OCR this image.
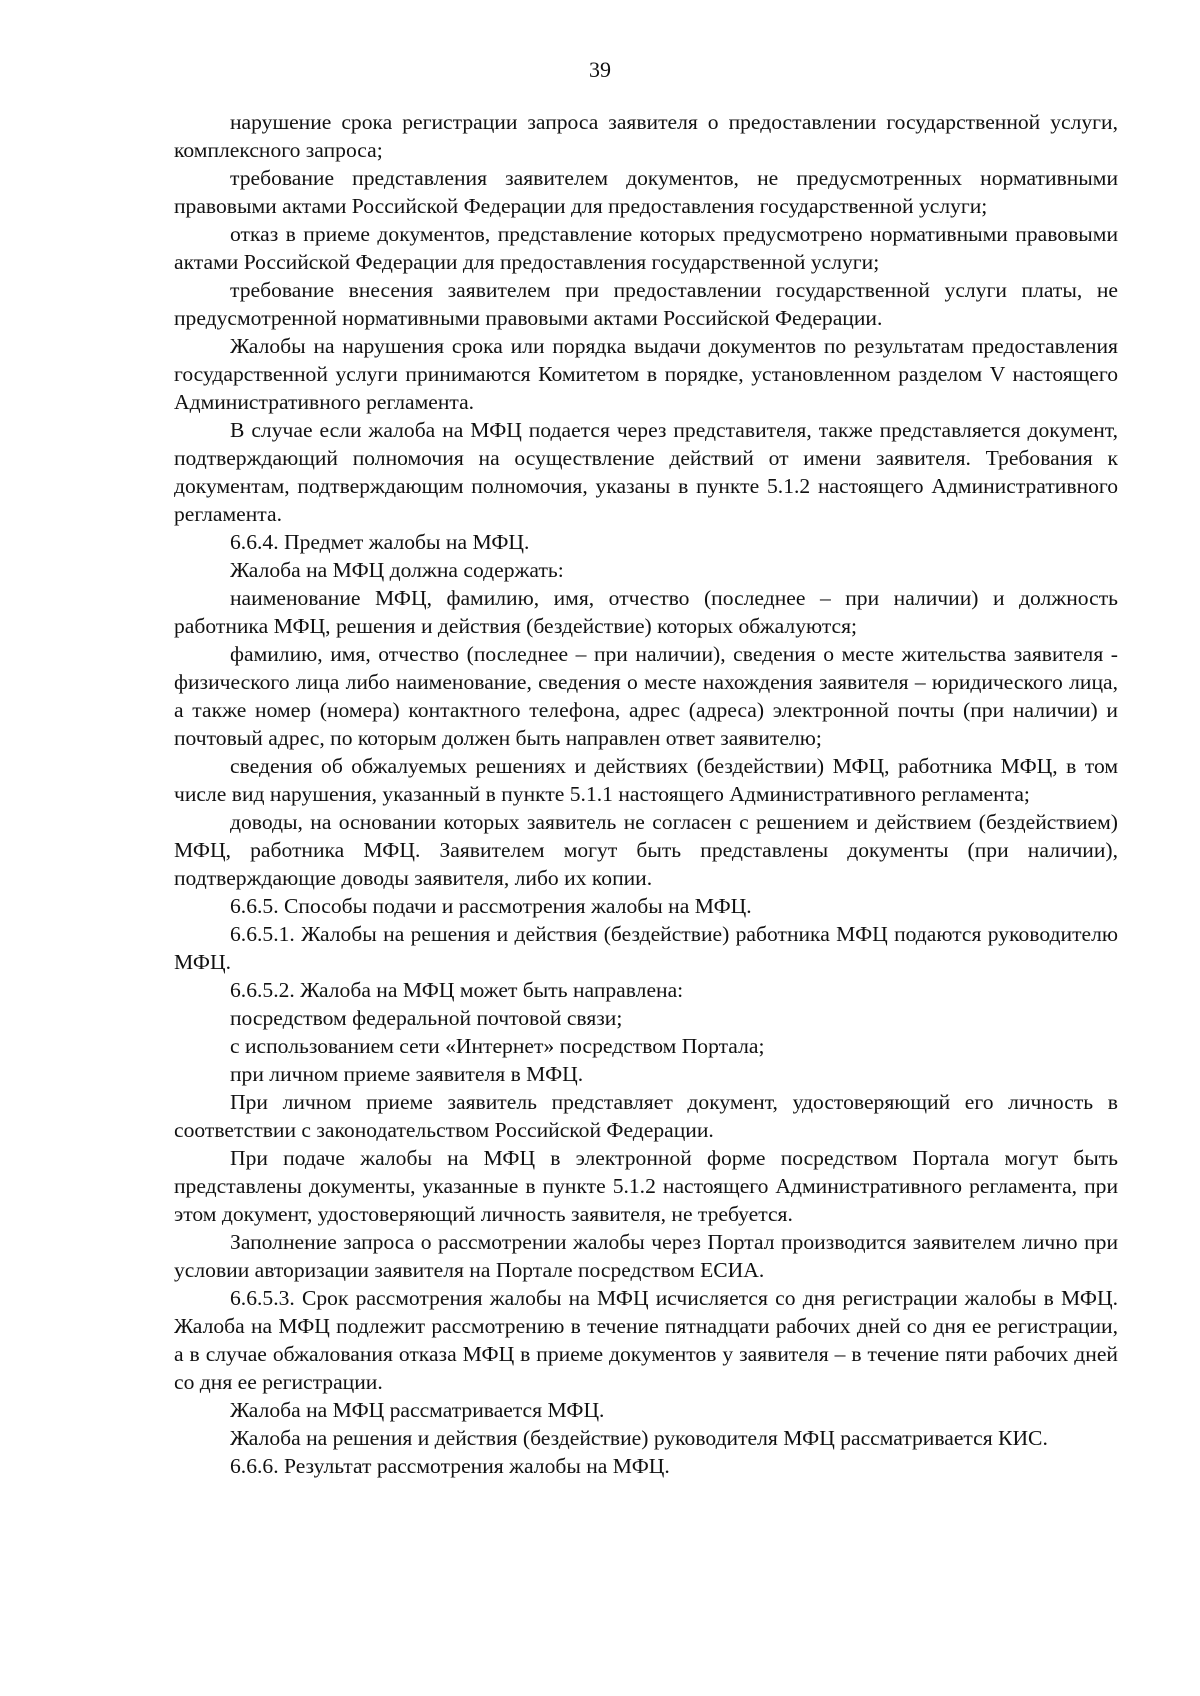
39

нарушение срока регистрации запроса заявителя о предоставлении государственной услуги, комплексного запроса;

требование представления заявителем документов, не предусмотренных нормативными правовыми актами Российской Федерации для предоставления государственной услуги;

отказ в приеме документов, представление которых предусмотрено нормативными правовыми актами Российской Федерации для предоставления государственной услуги;

требование внесения заявителем при предоставлении государственной услуги платы, не предусмотренной нормативными правовыми актами Российской Федерации.

Жалобы на нарушения срока или порядка выдачи документов по результатам предоставления государственной услуги принимаются Комитетом в порядке, установленном разделом V настоящего Административного регламента.

В случае если жалоба на МФЦ подается через представителя, также представляется документ, подтверждающий полномочия на осуществление действий от имени заявителя. Требования к документам, подтверждающим полномочия, указаны в пункте 5.1.2 настоящего Административного регламента.

6.6.4. Предмет жалобы на МФЦ.

Жалоба на МФЦ должна содержать:

наименование МФЦ, фамилию, имя, отчество (последнее – при наличии) и должность работника МФЦ, решения и действия (бездействие) которых обжалуются;

фамилию, имя, отчество (последнее – при наличии), сведения о месте жительства заявителя - физического лица либо наименование, сведения о месте нахождения заявителя – юридического лица, а также номер (номера) контактного телефона, адрес (адреса) электронной почты (при наличии) и почтовый адрес, по которым должен быть направлен ответ заявителю;

сведения об обжалуемых решениях и действиях (бездействии) МФЦ, работника МФЦ, в том числе вид нарушения, указанный в пункте 5.1.1 настоящего Административного регламента;

доводы, на основании которых заявитель не согласен с решением и действием (бездействием) МФЦ, работника МФЦ. Заявителем могут быть представлены документы (при наличии), подтверждающие доводы заявителя, либо их копии.

6.6.5. Способы подачи и рассмотрения жалобы на МФЦ.

6.6.5.1. Жалобы на решения и действия (бездействие) работника МФЦ подаются руководителю МФЦ.

6.6.5.2. Жалоба на МФЦ может быть направлена:

посредством федеральной почтовой связи;

с использованием сети «Интернет» посредством Портала;

при личном приеме заявителя в МФЦ.

При личном приеме заявитель представляет документ, удостоверяющий его личность в соответствии с законодательством Российской Федерации.

При подаче жалобы на МФЦ в электронной форме посредством Портала могут быть представлены документы, указанные в пункте 5.1.2 настоящего Административного регламента, при этом документ, удостоверяющий личность заявителя, не требуется.

Заполнение запроса о рассмотрении жалобы через Портал производится заявителем лично при условии авторизации заявителя на Портале посредством ЕСИА.

6.6.5.3. Срок рассмотрения жалобы на МФЦ исчисляется со дня регистрации жалобы в МФЦ. Жалоба на МФЦ подлежит рассмотрению в течение пятнадцати рабочих дней со дня ее регистрации, а в случае обжалования отказа МФЦ в приеме документов у заявителя – в течение пяти рабочих дней со дня ее регистрации.

Жалоба на МФЦ рассматривается МФЦ.

Жалоба на решения и действия (бездействие) руководителя МФЦ рассматривается КИС.

6.6.6. Результат рассмотрения жалобы на МФЦ.
